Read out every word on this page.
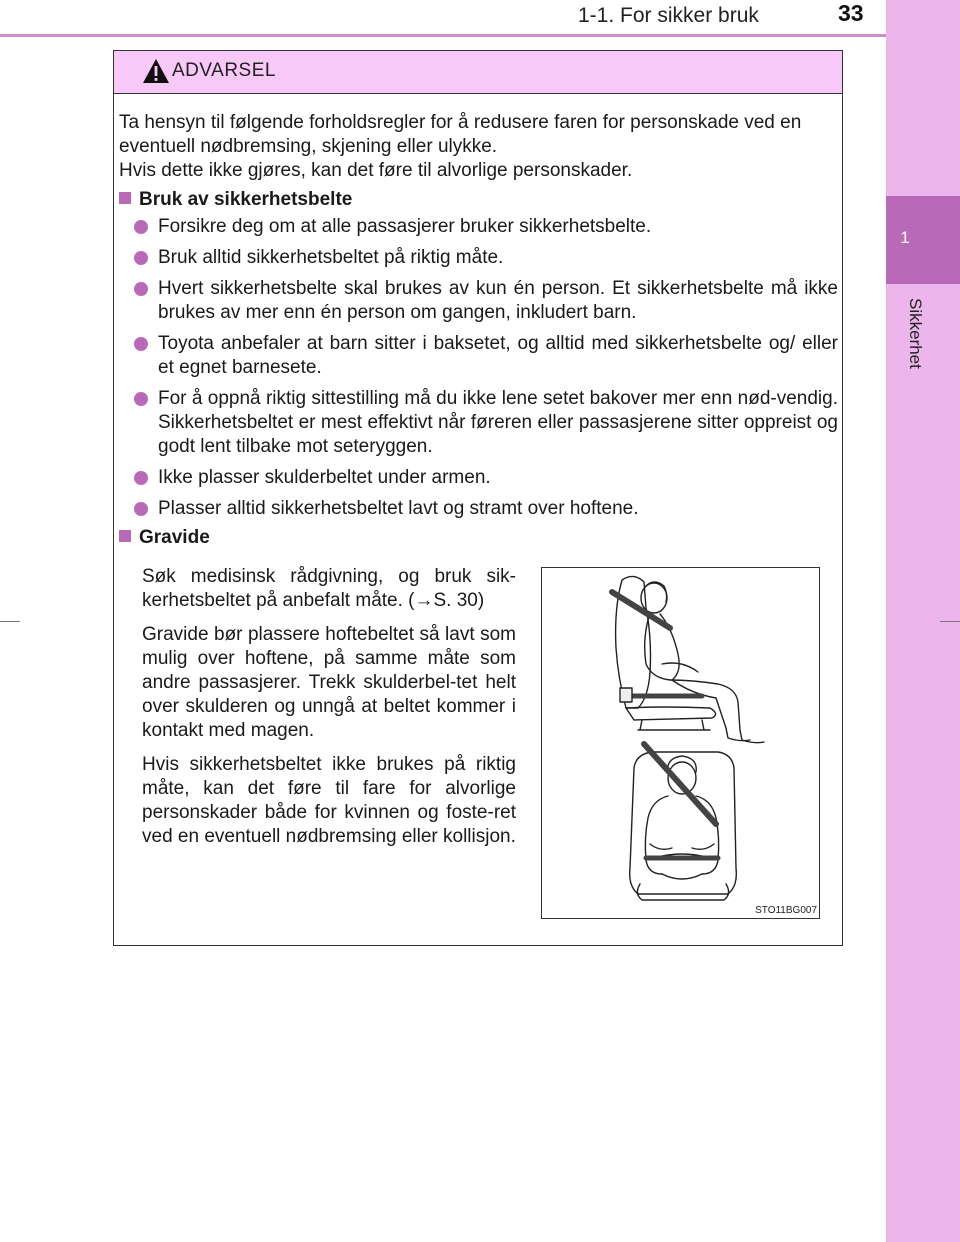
1
Sikkerhet
1-1. For sikker bruk	33
ADVARSEL

Ta hensyn til følgende forholdsregler for å redusere faren for personskade ved en eventuell nødbremsing, skjening eller ulykke.

Hvis dette ikke gjøres, kan det føre til alvorlige personskader.

Bruk av sikkerhetsbelte
Forsikre deg om at alle passasjerer bruker sikkerhetsbelte.
Bruk alltid sikkerhetsbeltet på riktig måte.
Hvert sikkerhetsbelte skal brukes av kun én person. Et sikkerhetsbelte må ikke brukes av mer enn én person om gangen, inkludert barn.
Toyota anbefaler at barn sitter i baksetet, og alltid med sikkerhetsbelte og/ eller et egnet barnesete.
For å oppnå riktig sittestilling må du ikke lene setet bakover mer enn nød-vendig. Sikkerhetsbeltet er mest effektivt når føreren eller passasjerene sitter oppreist og godt lent tilbake mot seteryggen.
Ikke plasser skulderbeltet under armen.
Plasser alltid sikkerhetsbeltet lavt og stramt over hoftene.
Gravide

Søk medisinsk rådgivning, og bruk sik-kerhetsbeltet på anbefalt måte. (→S. 30)

Gravide bør plassere hoftebeltet så lavt som mulig over hoftene, på samme måte som andre passasjerer. Trekk skulderbel-tet helt over skulderen og unngå at beltet kommer i kontakt med magen.

Hvis sikkerhetsbeltet ikke brukes på riktig måte, kan det føre til fare for alvorlige personskader både for kvinnen og foste-ret ved en eventuell nødbremsing eller kollisjon.

STO11BG007
